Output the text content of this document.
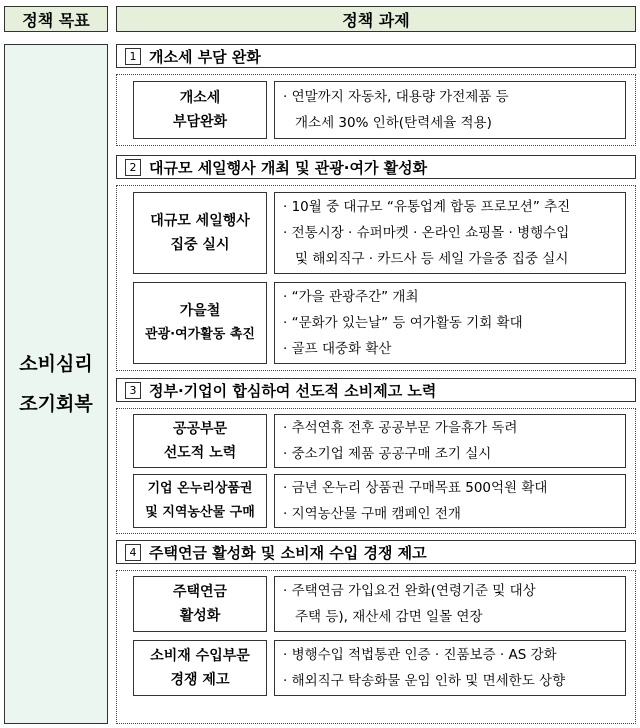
정책 목표	정책 과제
소비심리
조기회복
1 개소세 부담 완화
개소세
부담완화
· 연말까지 자동차, 대용량 가전제품 등
개소세 30% 인하(탄력세율 적용)
2 대규모 세일행사 개최 및 관광·여가 활성화
대규모 세일행사
집중 실시
· 10월 중 대규모 “유통업계 합동 프로모션” 추진
· 전통시장 · 슈퍼마켓 · 온라인 쇼핑몰 · 병행수입
및 해외직구 · 카드사 등 세일 가을중 집중 실시
가을철
관광·여가활동 촉진
· “가을 관광주간” 개최
· “문화가 있는날” 등 여가활동 기회 확대
· 골프 대중화 확산
3 정부·기업이 합심하여 선도적 소비제고 노력
공공부문
선도적 노력
· 추석연휴 전후 공공부문 가을휴가 독려
· 중소기업 제품 공공구매 조기 실시
기업 온누리상품권
및 지역농산물 구매
· 금년 온누리 상품권 구매목표 500억원 확대
· 지역농산물 구매 캠페인 전개
4 주택연금 활성화 및 소비재 수입 경쟁 제고
주택연금
활성화
· 주택연금 가입요건 완화(연령기준 및 대상
주택 등), 재산세 감면 일몰 연장
소비재 수입부문
경쟁 제고
· 병행수입 적법통관 인증 · 진품보증 · AS 강화
· 해외직구 탁송화물 운임 인하 및 면세한도 상향
